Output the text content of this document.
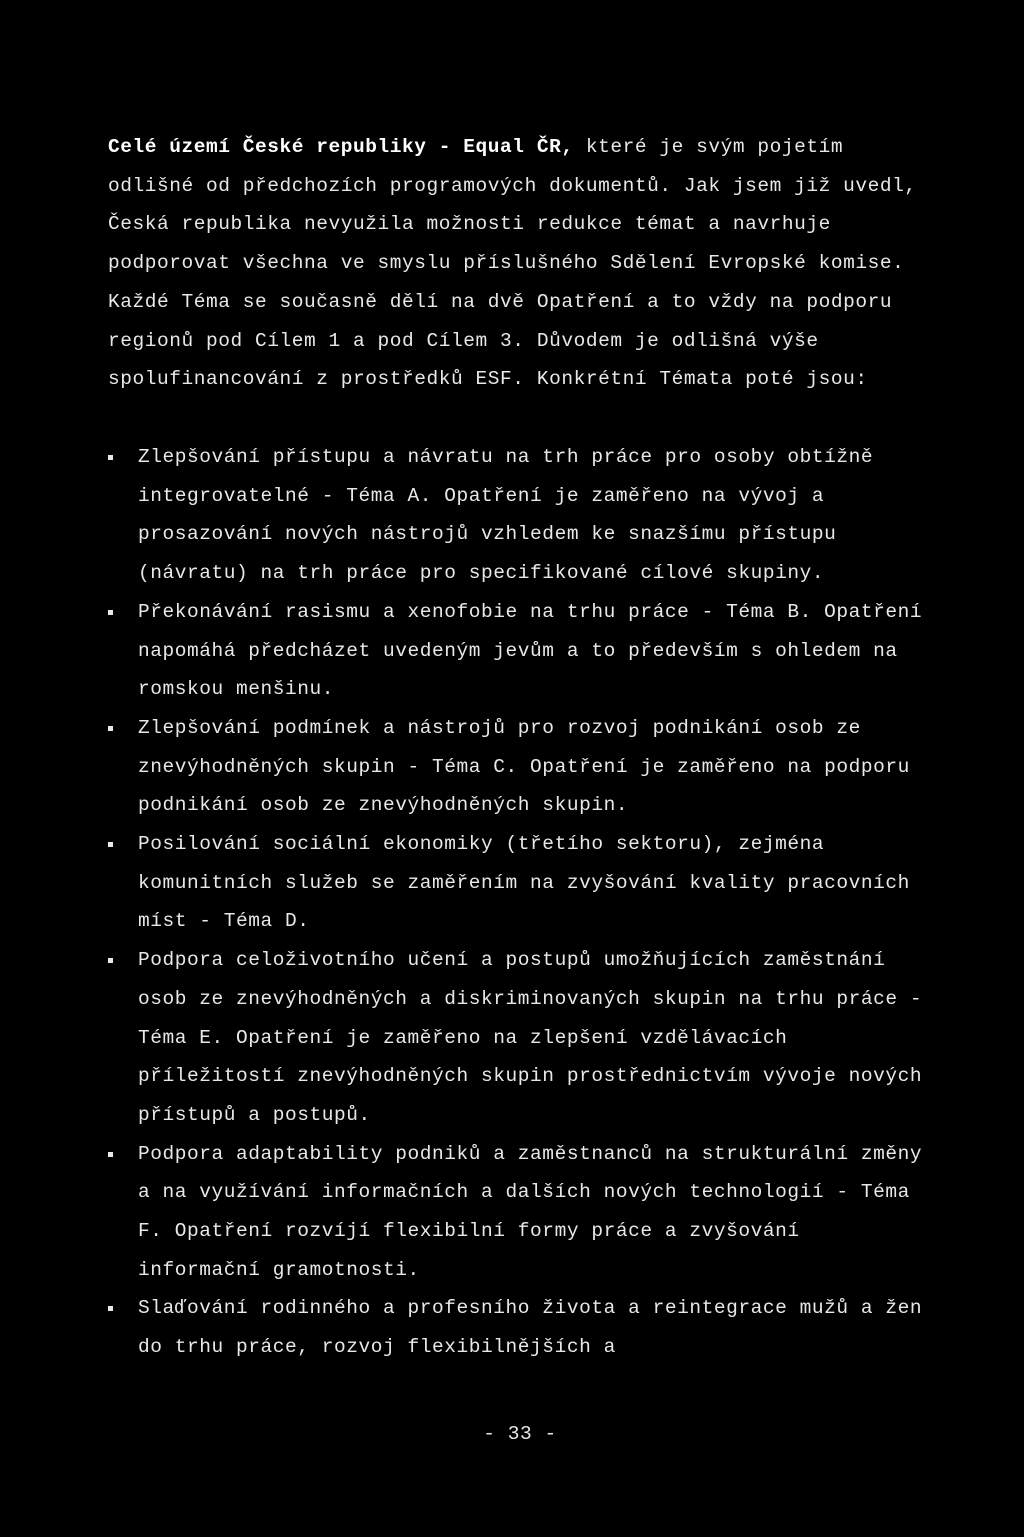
Celé území České republiky - Equal ČR, které je svým pojetím odlišné od předchozích programových dokumentů. Jak jsem již uvedl, Česká republika nevyužila možnosti redukce témat a navrhuje podporovat všechna ve smyslu příslušného Sdělení Evropské komise. Každé Téma se současně dělí na dvě Opatření a to vždy na podporu regionů pod Cílem 1 a pod Cílem 3. Důvodem je odlišná výše spolufinancování z prostředků ESF. Konkrétní Témata poté jsou:

Zlepšování přístupu a návratu na trh práce pro osoby obtížně integrovatelné - Téma A. Opatření je zaměřeno na vývoj a prosazování nových nástrojů vzhledem ke snazšímu přístupu (návratu) na trh práce pro specifikované cílové skupiny.
Překonávání rasismu a xenofobie na trhu práce - Téma B. Opatření napomáhá předcházet uvedeným jevům a to především s ohledem na romskou menšinu.
Zlepšování podmínek a nástrojů pro rozvoj podnikání osob ze znevýhodněných skupin - Téma C. Opatření je zaměřeno na podporu podnikání osob ze znevýhodněných skupin.
Posilování sociální ekonomiky (třetího sektoru), zejména komunitních služeb se zaměřením na zvyšování kvality pracovních míst - Téma D.
Podpora celoživotního učení a postupů umožňujících zaměstnání osob ze znevýhodněných a diskriminovaných skupin na trhu práce - Téma E. Opatření je zaměřeno na zlepšení vzdělávacích příležitostí znevýhodněných skupin prostřednictvím vývoje nových přístupů a postupů.
Podpora adaptability podniků a zaměstnanců na strukturální změny a na využívání informačních a dalších nových technologií - Téma F. Opatření rozvíjí flexibilní formy práce a zvyšování informační gramotnosti.
Slaďování rodinného a profesního života a reintegrace mužů a žen do trhu práce, rozvoj flexibilnějších a
- 33 -
